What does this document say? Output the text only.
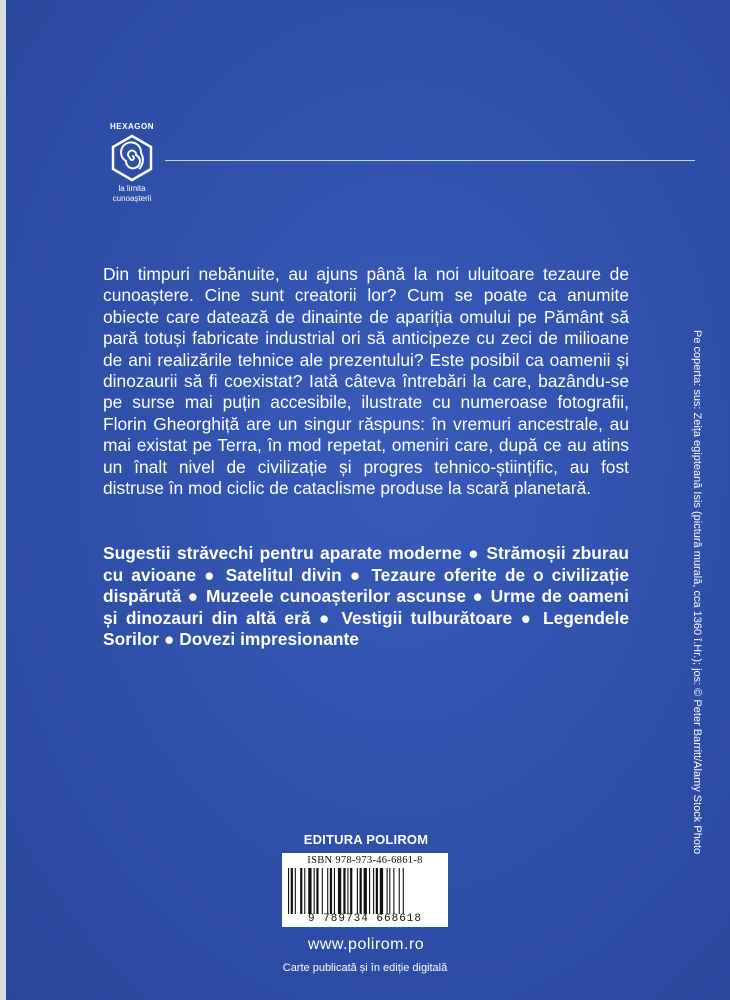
HEXAGON
la limita
cunoașterii
Din timpuri nebănuite, au ajuns până la noi uluitoare tezaure de cunoaștere. Cine sunt creatorii lor? Cum se poate ca anumite obiecte care datează de dinainte de apariția omului pe Pământ să pară totuși fabricate industrial ori să anticipeze cu zeci de milioane de ani realizările tehnice ale prezentului? Este posibil ca oamenii și dinozaurii să fi coexistat? Iată câteva întrebări la care, bazându-se pe surse mai puțin accesibile, ilustrate cu numeroase fotografii, Florin Gheorghiță are un singur răspuns: în vremuri ancestrale, au mai existat pe Terra, în mod repetat, omeniri care, după ce au atins un înalt nivel de civilizație și progres tehnico-științific, au fost distruse în mod ciclic de cataclisme produse la scară planetară.
Sugestii străvechi pentru aparate moderne ● Strămoșii zburau cu avioane ● Satelitul divin ● Tezaure oferite de o civilizație dispărută ● Muzeele cunoașterilor ascunse ● Urme de oameni și dinozauri din altă eră ● Vestigii tulburătoare ● Legendele Sorilor ● Dovezi impresionante
EDITURA POLIROM
ISBN 978-973-46-6861-8
9 789734 668618
www.polirom.ro
Carte publicată și în ediție digitală
Pe coperta: sus: Zeița egipteană Isis (pictură murală, cca 1360 î.Hr.); jos: © Peter Barritt/Alamy Stock Photo
